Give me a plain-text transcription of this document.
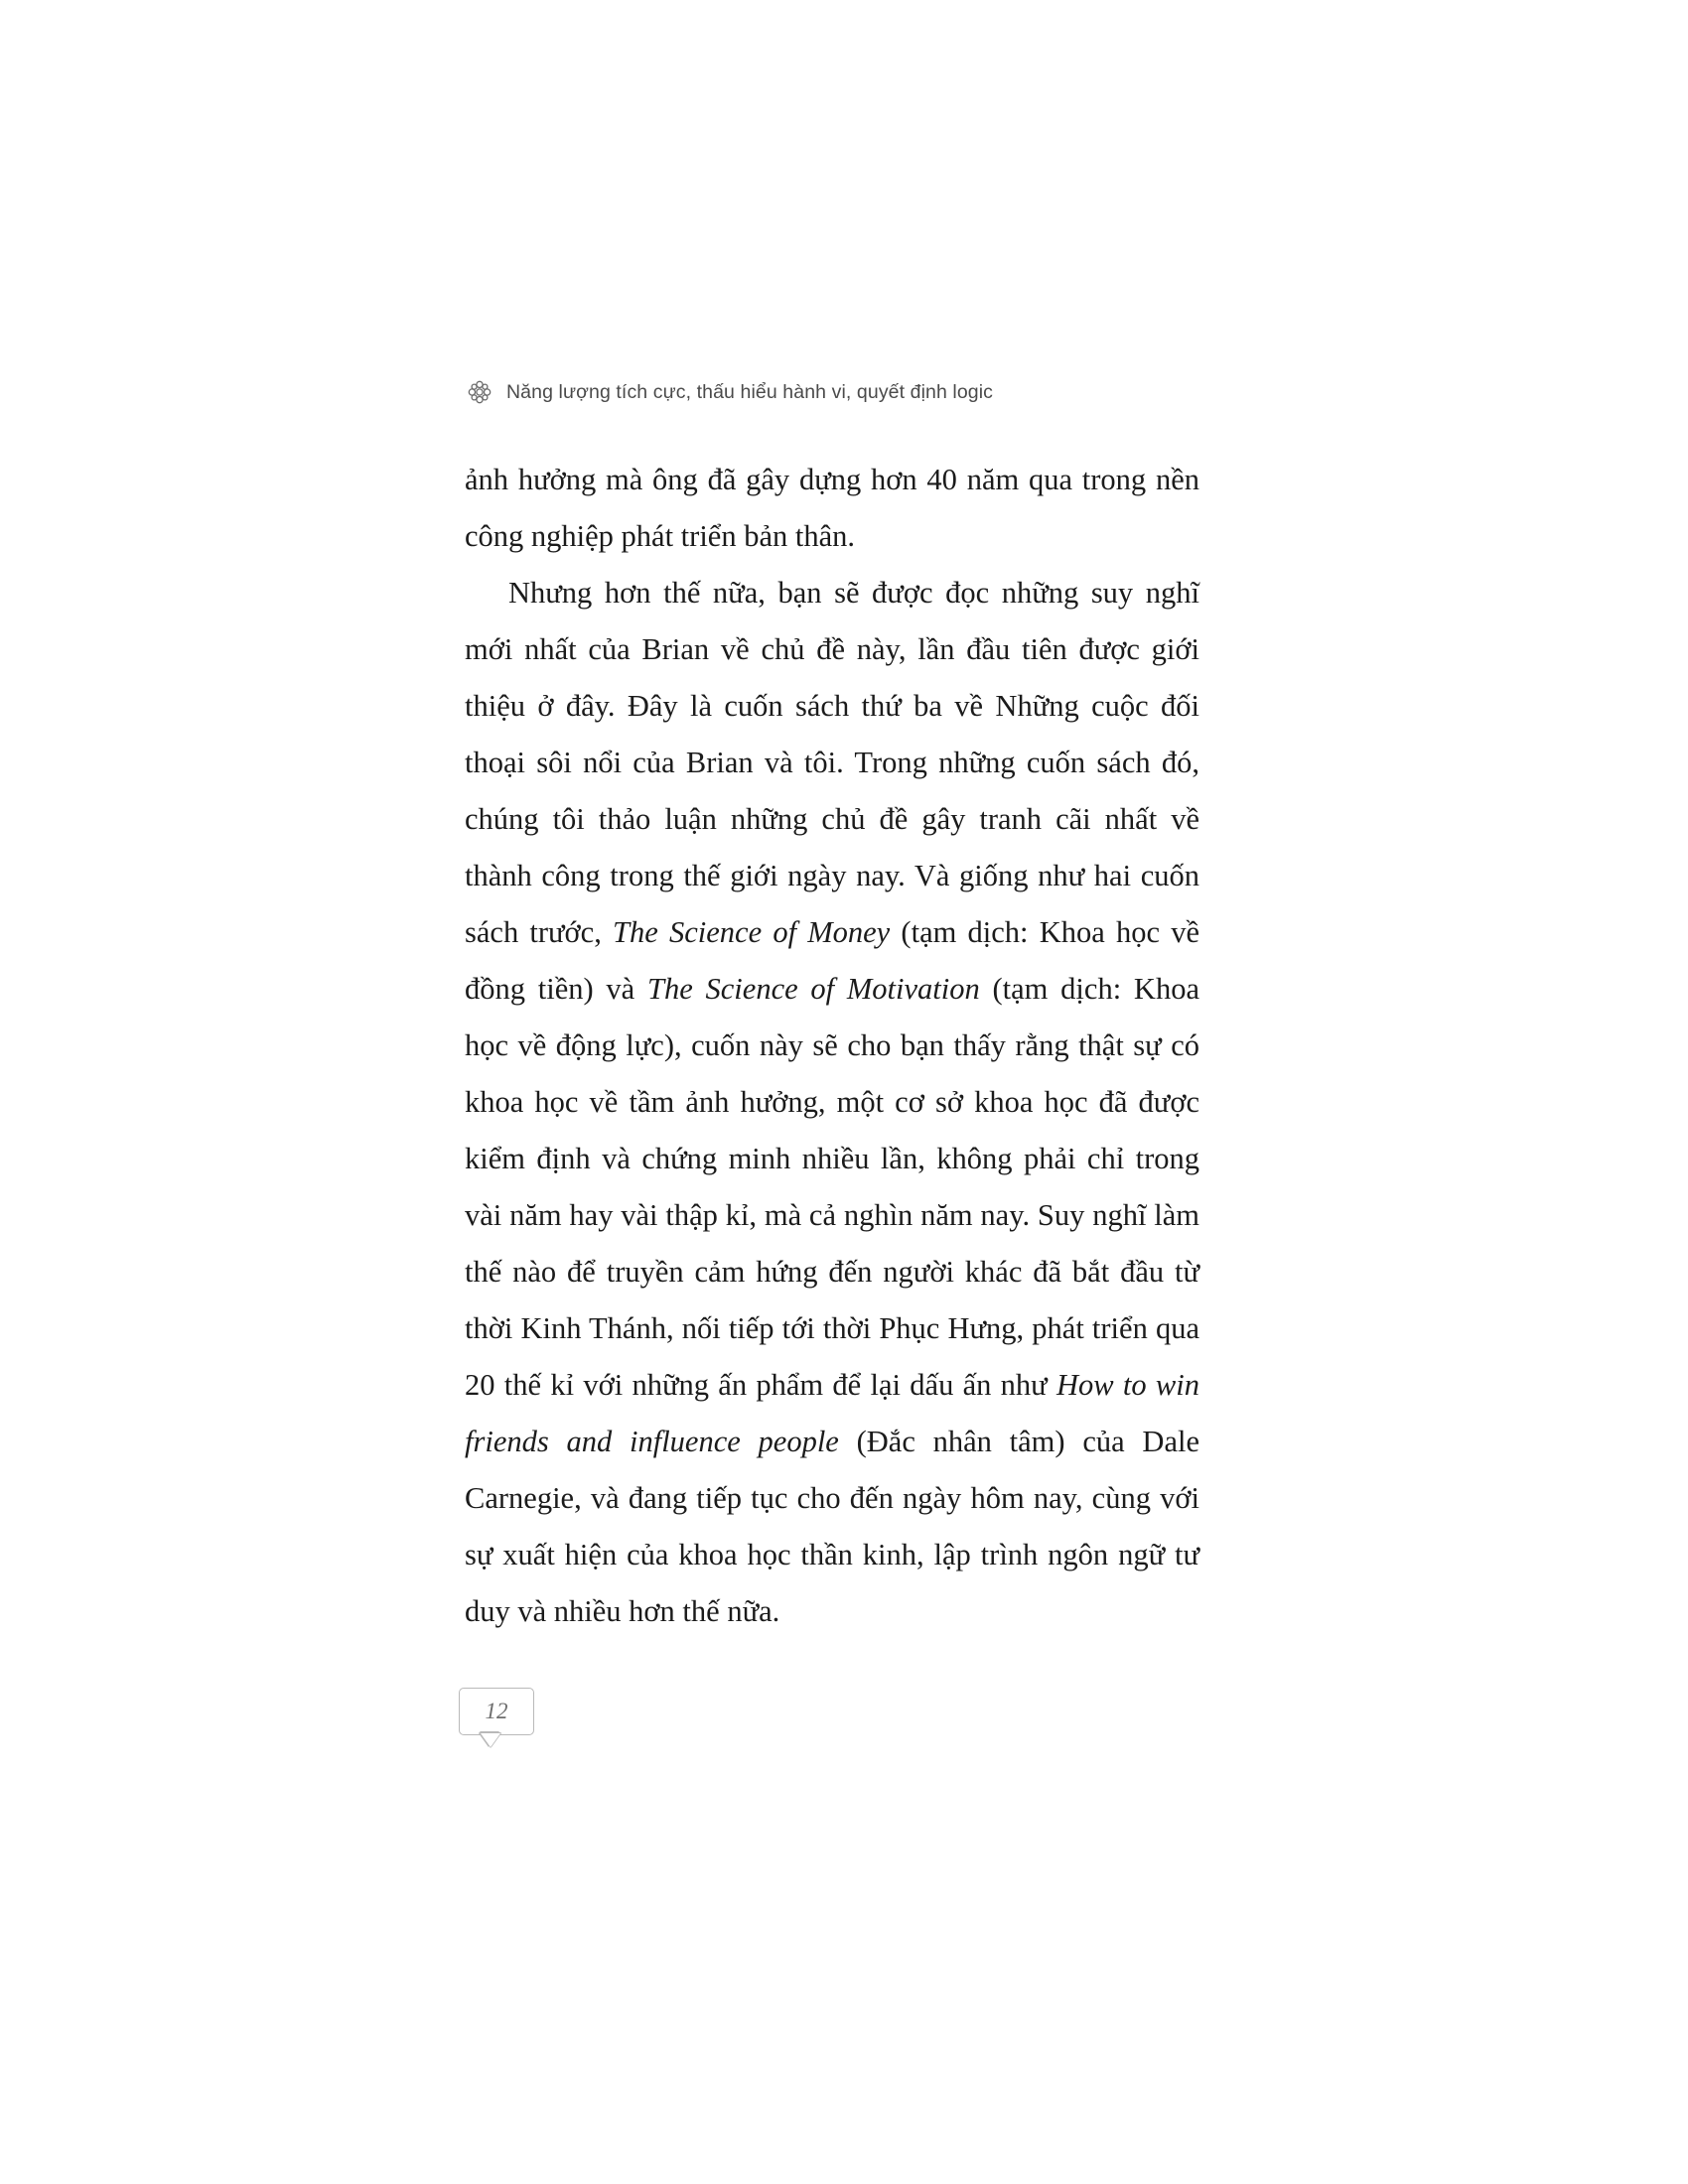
Năng lượng tích cực, thấu hiểu hành vi, quyết định logic

ảnh hưởng mà ông đã gây dựng hơn 40 năm qua trong nền công nghiệp phát triển bản thân.

Nhưng hơn thế nữa, bạn sẽ được đọc những suy nghĩ mới nhất của Brian về chủ đề này, lần đầu tiên được giới thiệu ở đây. Đây là cuốn sách thứ ba về Những cuộc đối thoại sôi nổi của Brian và tôi. Trong những cuốn sách đó, chúng tôi thảo luận những chủ đề gây tranh cãi nhất về thành công trong thế giới ngày nay. Và giống như hai cuốn sách trước, The Science of Money (tạm dịch: Khoa học về đồng tiền) và The Science of Motivation (tạm dịch: Khoa học về động lực), cuốn này sẽ cho bạn thấy rằng thật sự có khoa học về tầm ảnh hưởng, một cơ sở khoa học đã được kiểm định và chứng minh nhiều lần, không phải chỉ trong vài năm hay vài thập kỉ, mà cả nghìn năm nay. Suy nghĩ làm thế nào để truyền cảm hứng đến người khác đã bắt đầu từ thời Kinh Thánh, nối tiếp tới thời Phục Hưng, phát triển qua 20 thế kỉ với những ấn phẩm để lại dấu ấn như How to win friends and influence people (Đắc nhân tâm) của Dale Carnegie, và đang tiếp tục cho đến ngày hôm nay, cùng với sự xuất hiện của khoa học thần kinh, lập trình ngôn ngữ tư duy và nhiều hơn thế nữa.

12
